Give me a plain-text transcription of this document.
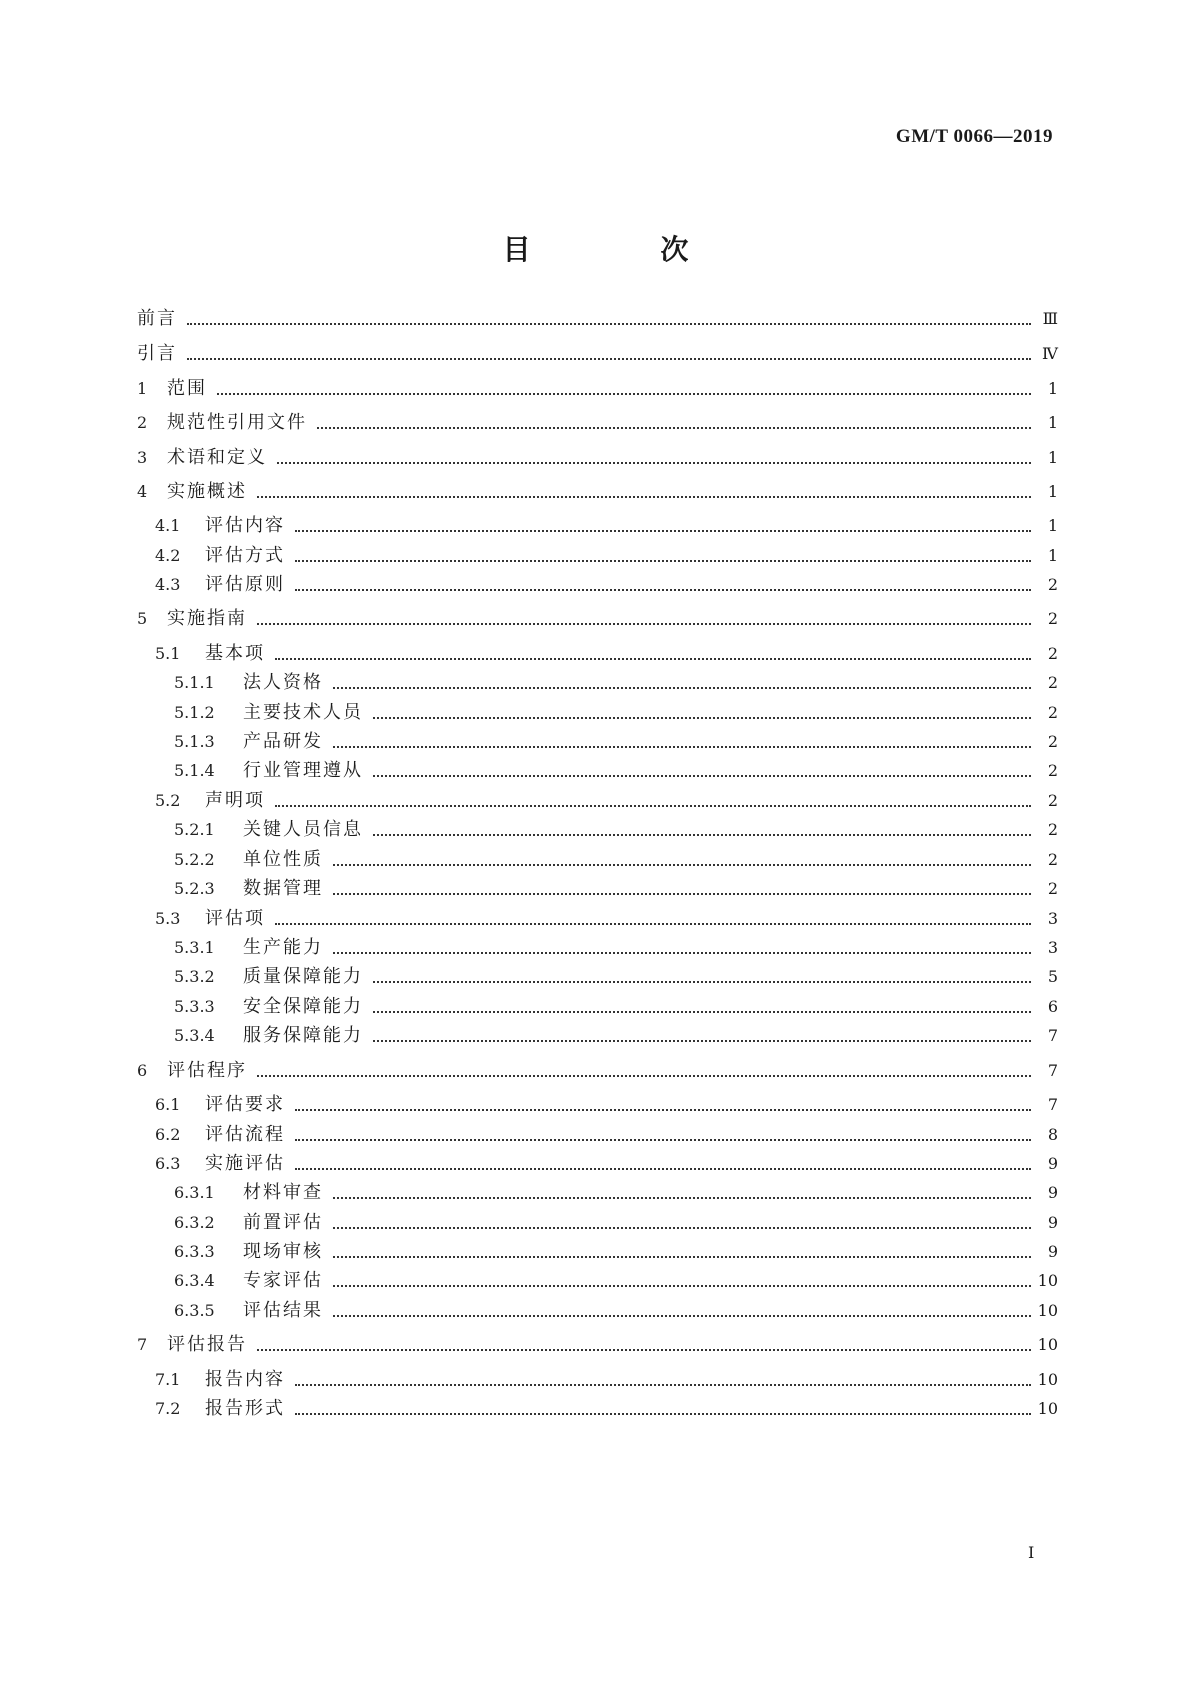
GM/T 0066—2019
目 次
前言	Ⅲ
引言	Ⅳ
1 范围	1
2 规范性引用文件	1
3 术语和定义	1
4 实施概述	1
4.1 评估内容	1
4.2 评估方式	1
4.3 评估原则	2
5 实施指南	2
5.1 基本项	2
5.1.1 法人资格	2
5.1.2 主要技术人员	2
5.1.3 产品研发	2
5.1.4 行业管理遵从	2
5.2 声明项	2
5.2.1 关键人员信息	2
5.2.2 单位性质	2
5.2.3 数据管理	2
5.3 评估项	3
5.3.1 生产能力	3
5.3.2 质量保障能力	5
5.3.3 安全保障能力	6
5.3.4 服务保障能力	7
6 评估程序	7
6.1 评估要求	7
6.2 评估流程	8
6.3 实施评估	9
6.3.1 材料审查	9
6.3.2 前置评估	9
6.3.3 现场审核	9
6.3.4 专家评估	10
6.3.5 评估结果	10
7 评估报告	10
7.1 报告内容	10
7.2 报告形式	10
I
